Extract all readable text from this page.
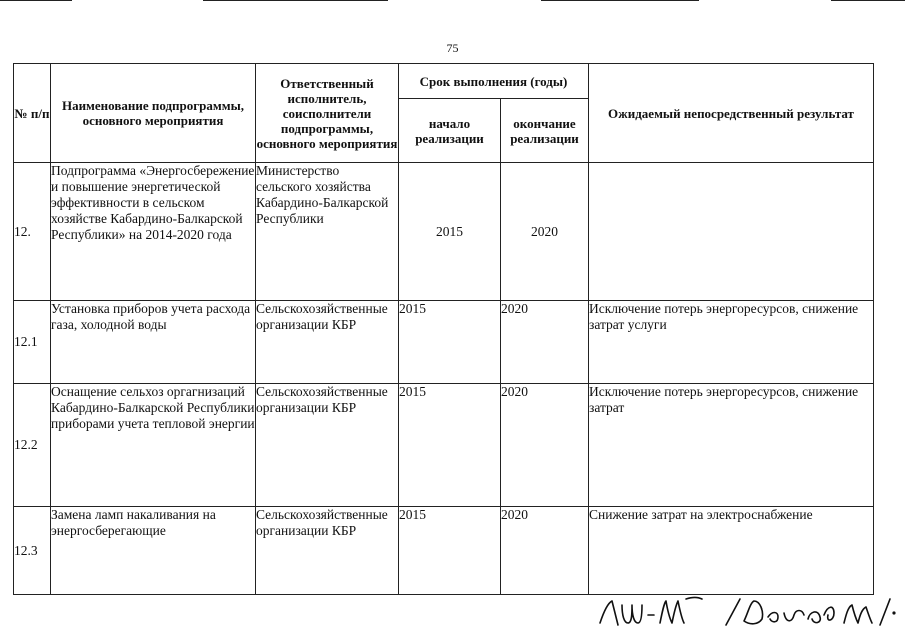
75
№ п/п	Наименование подпрограммы, основного мероприятия	Ответственный исполнитель, соисполнители подпрограммы, основного мероприятия	Срок выполнения (годы)		Ожидаемый непосредственный результат
			начало реализации	окончание реализации	
12.	Подпрограмма «Энергосбережение и повышение энергетической эффективности в сельском хозяйстве Кабардино-Балкарской Республики» на 2014-2020 года	Министерство сельского хозяйства Кабардино-Балкарской Республики	2015	2020	
12.1	Установка приборов учета расхода газа, холодной воды	Сельскохозяйственные организации КБР	2015	2020	Исключение потерь энергоресурсов, снижение затрат услуги
12.2	Оснащение сельхоз оргагнизаций Кабардино-Балкарской Республики приборами учета тепловой энергии	Сельскохозяйственные организации КБР	2015	2020	Исключение потерь энергоресурсов, снижение затрат
12.3	Замена ламп накаливания на энергосберегающие	Сельскохозяйственные организации КБР	2015	2020	Снижение затрат на электроснабжение
